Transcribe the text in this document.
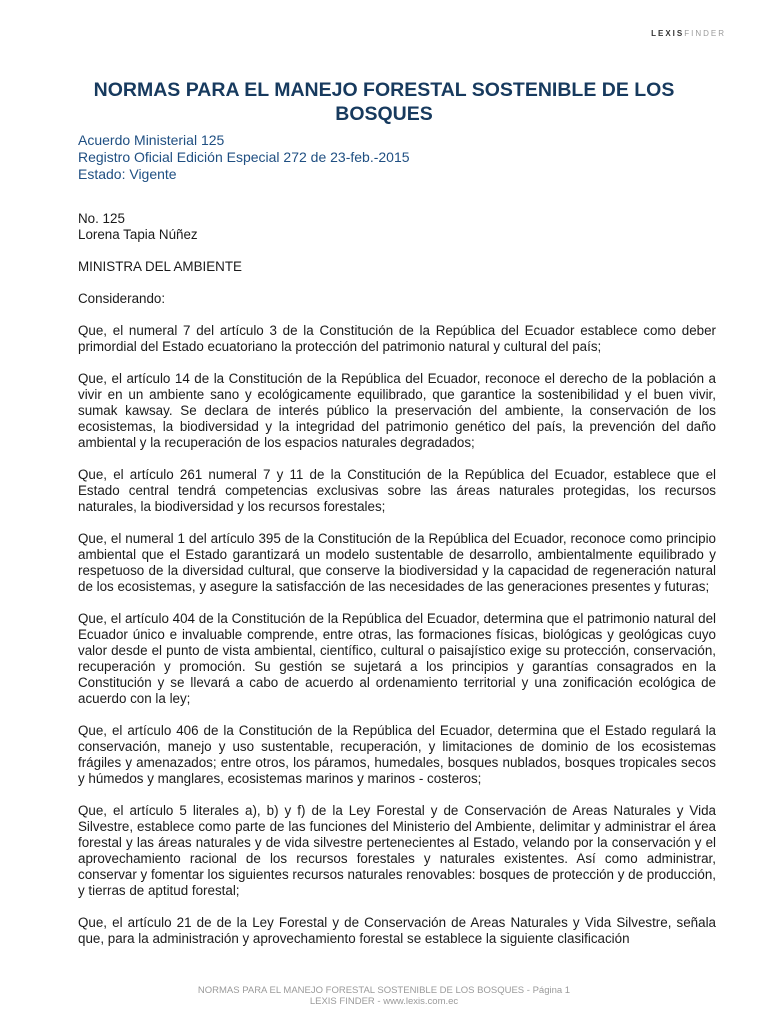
LEXISFINDER
NORMAS PARA EL MANEJO FORESTAL SOSTENIBLE DE LOS BOSQUES
Acuerdo Ministerial 125
Registro Oficial Edición Especial 272 de 23-feb.-2015
Estado: Vigente

No. 125
Lorena Tapia Núñez

MINISTRA DEL AMBIENTE

Considerando:

Que, el numeral 7 del artículo 3 de la Constitución de la República del Ecuador establece como deber primordial del Estado ecuatoriano la protección del patrimonio natural y cultural del país;

Que, el artículo 14 de la Constitución de la República del Ecuador, reconoce el derecho de la población a vivir en un ambiente sano y ecológicamente equilibrado, que garantice la sostenibilidad y el buen vivir, sumak kawsay. Se declara de interés público la preservación del ambiente, la conservación de los ecosistemas, la biodiversidad y la integridad del patrimonio genético del país, la prevención del daño ambiental y la recuperación de los espacios naturales degradados;

Que, el artículo 261 numeral 7 y 11 de la Constitución de la República del Ecuador, establece que el Estado central tendrá competencias exclusivas sobre las áreas naturales protegidas, los recursos naturales, la biodiversidad y los recursos forestales;

Que, el numeral 1 del artículo 395 de la Constitución de la República del Ecuador, reconoce como principio ambiental que el Estado garantizará un modelo sustentable de desarrollo, ambientalmente equilibrado y respetuoso de la diversidad cultural, que conserve la biodiversidad y la capacidad de regeneración natural de los ecosistemas, y asegure la satisfacción de las necesidades de las generaciones presentes y futuras;

Que, el artículo 404 de la Constitución de la República del Ecuador, determina que el patrimonio natural del Ecuador único e invaluable comprende, entre otras, las formaciones físicas, biológicas y geológicas cuyo valor desde el punto de vista ambiental, científico, cultural o paisajístico exige su protección, conservación, recuperación y promoción. Su gestión se sujetará a los principios y garantías consagrados en la Constitución y se llevará a cabo de acuerdo al ordenamiento territorial y una zonificación ecológica de acuerdo con la ley;

Que, el artículo 406 de la Constitución de la República del Ecuador, determina que el Estado regulará la conservación, manejo y uso sustentable, recuperación, y limitaciones de dominio de los ecosistemas frágiles y amenazados; entre otros, los páramos, humedales, bosques nublados, bosques tropicales secos y húmedos y manglares, ecosistemas marinos y marinos - costeros;

Que, el artículo 5 literales a), b) y f) de la Ley Forestal y de Conservación de Areas Naturales y Vida Silvestre, establece como parte de las funciones del Ministerio del Ambiente, delimitar y administrar el área forestal y las áreas naturales y de vida silvestre pertenecientes al Estado, velando por la conservación y el aprovechamiento racional de los recursos forestales y naturales existentes. Así como administrar, conservar y fomentar los siguientes recursos naturales renovables: bosques de protección y de producción, y tierras de aptitud forestal;

Que, el artículo 21 de de la Ley Forestal y de Conservación de Areas Naturales y Vida Silvestre, señala que, para la administración y aprovechamiento forestal se establece la siguiente clasificación

NORMAS PARA EL MANEJO FORESTAL SOSTENIBLE DE LOS BOSQUES - Página 1
LEXIS FINDER - www.lexis.com.ec
